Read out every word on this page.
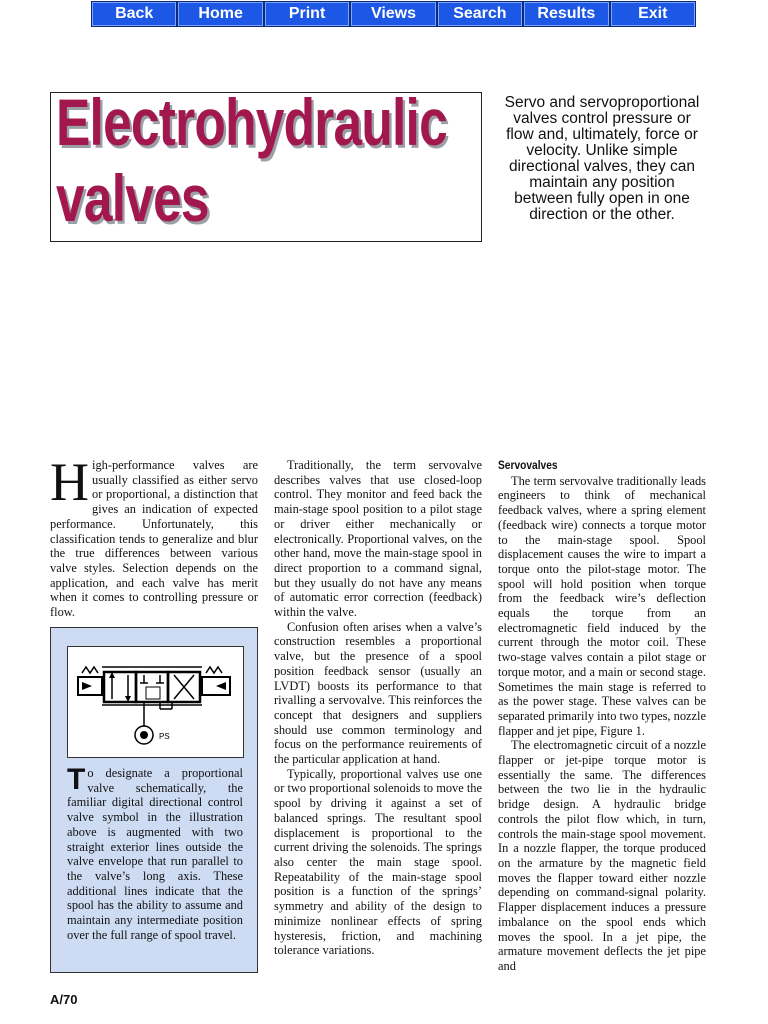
Back	Home	Print	Views	Search	Results	Exit
Electrohydraulic
valves

Servo and servoproportional valves control pressure or flow and, ultimately, force or velocity. Unlike simple directional valves, they can maintain any position between fully open in one direction or the other.

High-performance valves are usually classified as either servo or proportional, a distinction that gives an indication of expected performance. Unfortunately, this classification tends to generalize and blur the true differences between various valve styles. Selection depends on the application, and each valve has merit when it comes to controlling pressure or flow.

PS

To designate a proportional valve schematically, the familiar digital directional control valve symbol in the illustration above is augmented with two straight exterior lines outside the valve envelope that run parallel to the valve’s long axis. These additional lines indicate that the spool has the ability to assume and maintain any intermediate position over the full range of spool travel.

Traditionally, the term servovalve describes valves that use closed-loop control. They monitor and feed back the main-stage spool position to a pilot stage or driver either mechanically or electronically. Proportional valves, on the other hand, move the main-stage spool in direct proportion to a command signal, but they usually do not have any means of automatic error correction (feedback) within the valve.

Confusion often arises when a valve’s construction resembles a proportional valve, but the presence of a spool position feedback sensor (usually an LVDT) boosts its performance to that rivalling a servovalve. This reinforces the concept that designers and suppliers should use common terminology and focus on the performance reuirements of the particular application at hand.

Typically, proportional valves use one or two proportional solenoids to move the spool by driving it against a set of balanced springs. The resultant spool displacement is proportional to the current driving the solenoids. The springs also center the main stage spool. Repeatability of the main-stage spool position is a function of the springs’ symmetry and ability of the design to minimize nonlinear effects of spring hysteresis, friction, and machining tolerance variations.

Servovalves

The term servovalve traditionally leads engineers to think of mechanical feedback valves, where a spring element (feedback wire) connects a torque motor to the main-stage spool. Spool displacement causes the wire to impart a torque onto the pilot-stage motor. The spool will hold position when torque from the feedback wire’s deflection equals the torque from an electromagnetic field induced by the current through the motor coil. These two-stage valves contain a pilot stage or torque motor, and a main or second stage. Sometimes the main stage is referred to as the power stage. These valves can be separated primarily into two types, nozzle flapper and jet pipe, Figure 1.

The electromagnetic circuit of a nozzle flapper or jet-pipe torque motor is essentially the same. The differences between the two lie in the hydraulic bridge design. A hydraulic bridge controls the pilot flow which, in turn, controls the main-stage spool movement. In a nozzle flapper, the torque produced on the armature by the magnetic field moves the flapper toward either nozzle depending on command-signal polarity. Flapper displacement induces a pressure imbalance on the spool ends which moves the spool. In a jet pipe, the armature movement deflects the jet pipe and

A/70
